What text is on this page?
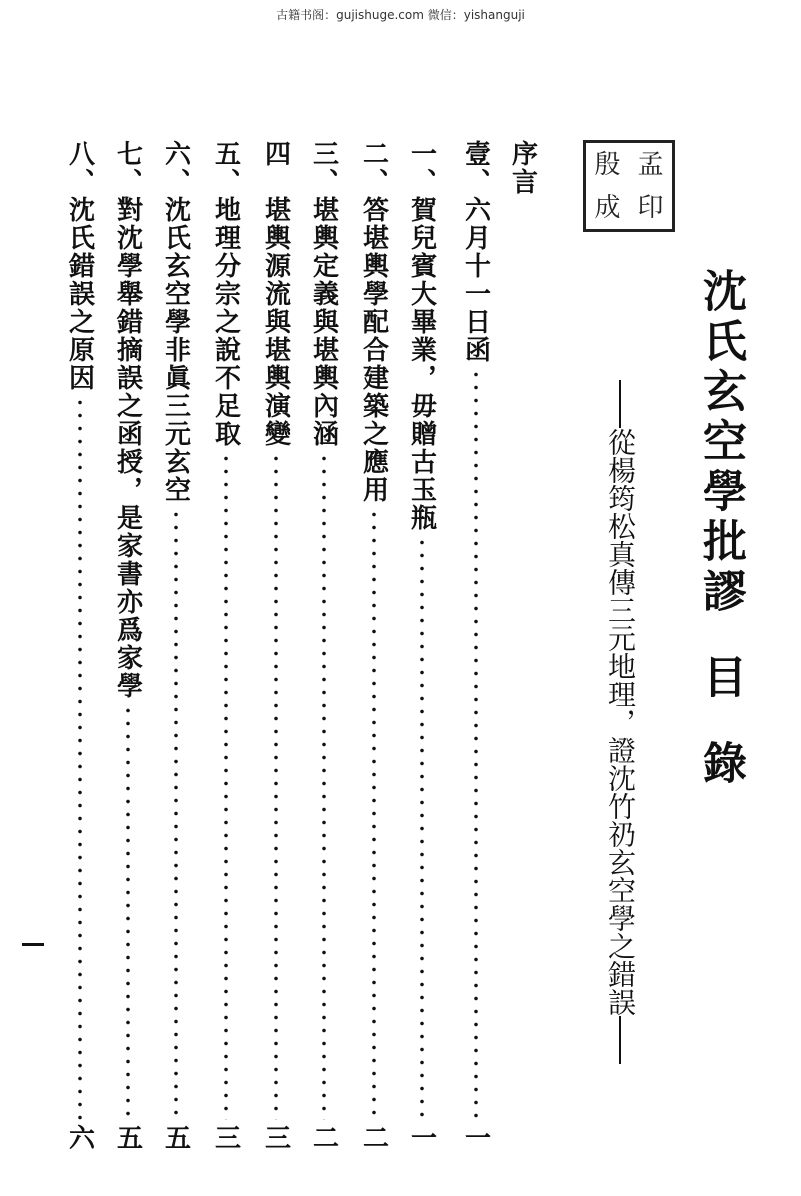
古籍书阁：gujishuge.com 微信：yishanguji
殷 孟
成 印
沈氏玄空學批謬目錄
從楊筠松真傳三元地理，證沈竹礽玄空學之錯誤
序言
壹、六月十一日函
一
一、賀兒賓大畢業，毋贈古玉瓶
一
二、答堪輿學配合建築之應用
二
三、堪輿定義與堪輿內涵
二
四　堪輿源流與堪輿演變
三
五、地理分宗之說不足取
三
六、沈氏玄空學非眞三元玄空
五
七、對沈學舉錯摘誤之函授，是家書亦爲家學
五
八、沈氏錯誤之原因
六
